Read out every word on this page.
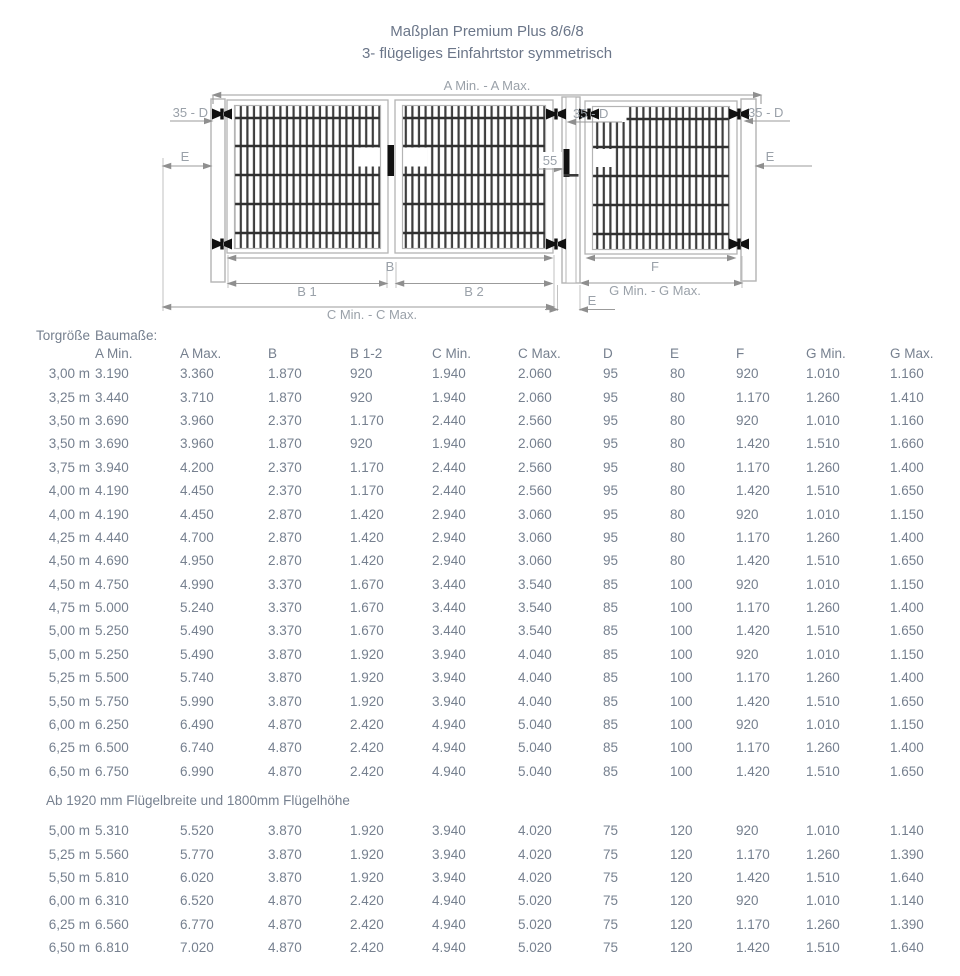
Maßplan Premium Plus 8/6/8
3- flügeliges Einfahrtstor symmetrisch
A Min. - A Max.
35 - D	35 - D	35 - D
E	E
55
B
B 1	B 2
F
G Min. - G Max.
C Min. - C Max.
E
Torgröße Baumaße:
A Min.	A Max.	B	B 1-2	C Min.	C Max.	D	E	F	G Min.	G Max.
3,00 m 3.190	3.360	1.870	920	1.940	2.060	95	80	920	1.010	1.160
3,25 m 3.440	3.710	1.870	920	1.940	2.060	95	80	1.170	1.260	1.410
3,50 m 3.690	3.960	2.370	1.170	2.440	2.560	95	80	920	1.010	1.160
3,50 m 3.690	3.960	1.870	920	1.940	2.060	95	80	1.420	1.510	1.660
3,75 m 3.940	4.200	2.370	1.170	2.440	2.560	95	80	1.170	1.260	1.400
4,00 m 4.190	4.450	2.370	1.170	2.440	2.560	95	80	1.420	1.510	1.650
4,00 m 4.190	4.450	2.870	1.420	2.940	3.060	95	80	920	1.010	1.150
4,25 m 4.440	4.700	2.870	1.420	2.940	3.060	95	80	1.170	1.260	1.400
4,50 m 4.690	4.950	2.870	1.420	2.940	3.060	95	80	1.420	1.510	1.650
4,50 m 4.750	4.990	3.370	1.670	3.440	3.540	85	100	920	1.010	1.150
4,75 m 5.000	5.240	3.370	1.670	3.440	3.540	85	100	1.170	1.260	1.400
5,00 m 5.250	5.490	3.370	1.670	3.440	3.540	85	100	1.420	1.510	1.650
5,00 m 5.250	5.490	3.870	1.920	3.940	4.040	85	100	920	1.010	1.150
5,25 m 5.500	5.740	3.870	1.920	3.940	4.040	85	100	1.170	1.260	1.400
5,50 m 5.750	5.990	3.870	1.920	3.940	4.040	85	100	1.420	1.510	1.650
6,00 m 6.250	6.490	4.870	2.420	4.940	5.040	85	100	920	1.010	1.150
6,25 m 6.500	6.740	4.870	2.420	4.940	5.040	85	100	1.170	1.260	1.400
6,50 m 6.750	6.990	4.870	2.420	4.940	5.040	85	100	1.420	1.510	1.650
Ab 1920 mm Flügelbreite und 1800mm Flügelhöhe
5,00 m 5.310	5.520	3.870	1.920	3.940	4.020	75	120	920	1.010	1.140
5,25 m 5.560	5.770	3.870	1.920	3.940	4.020	75	120	1.170	1.260	1.390
5,50 m 5.810	6.020	3.870	1.920	3.940	4.020	75	120	1.420	1.510	1.640
6,00 m 6.310	6.520	4.870	2.420	4.940	5.020	75	120	920	1.010	1.140
6,25 m 6.560	6.770	4.870	2.420	4.940	5.020	75	120	1.170	1.260	1.390
6,50 m 6.810	7.020	4.870	2.420	4.940	5.020	75	120	1.420	1.510	1.640
